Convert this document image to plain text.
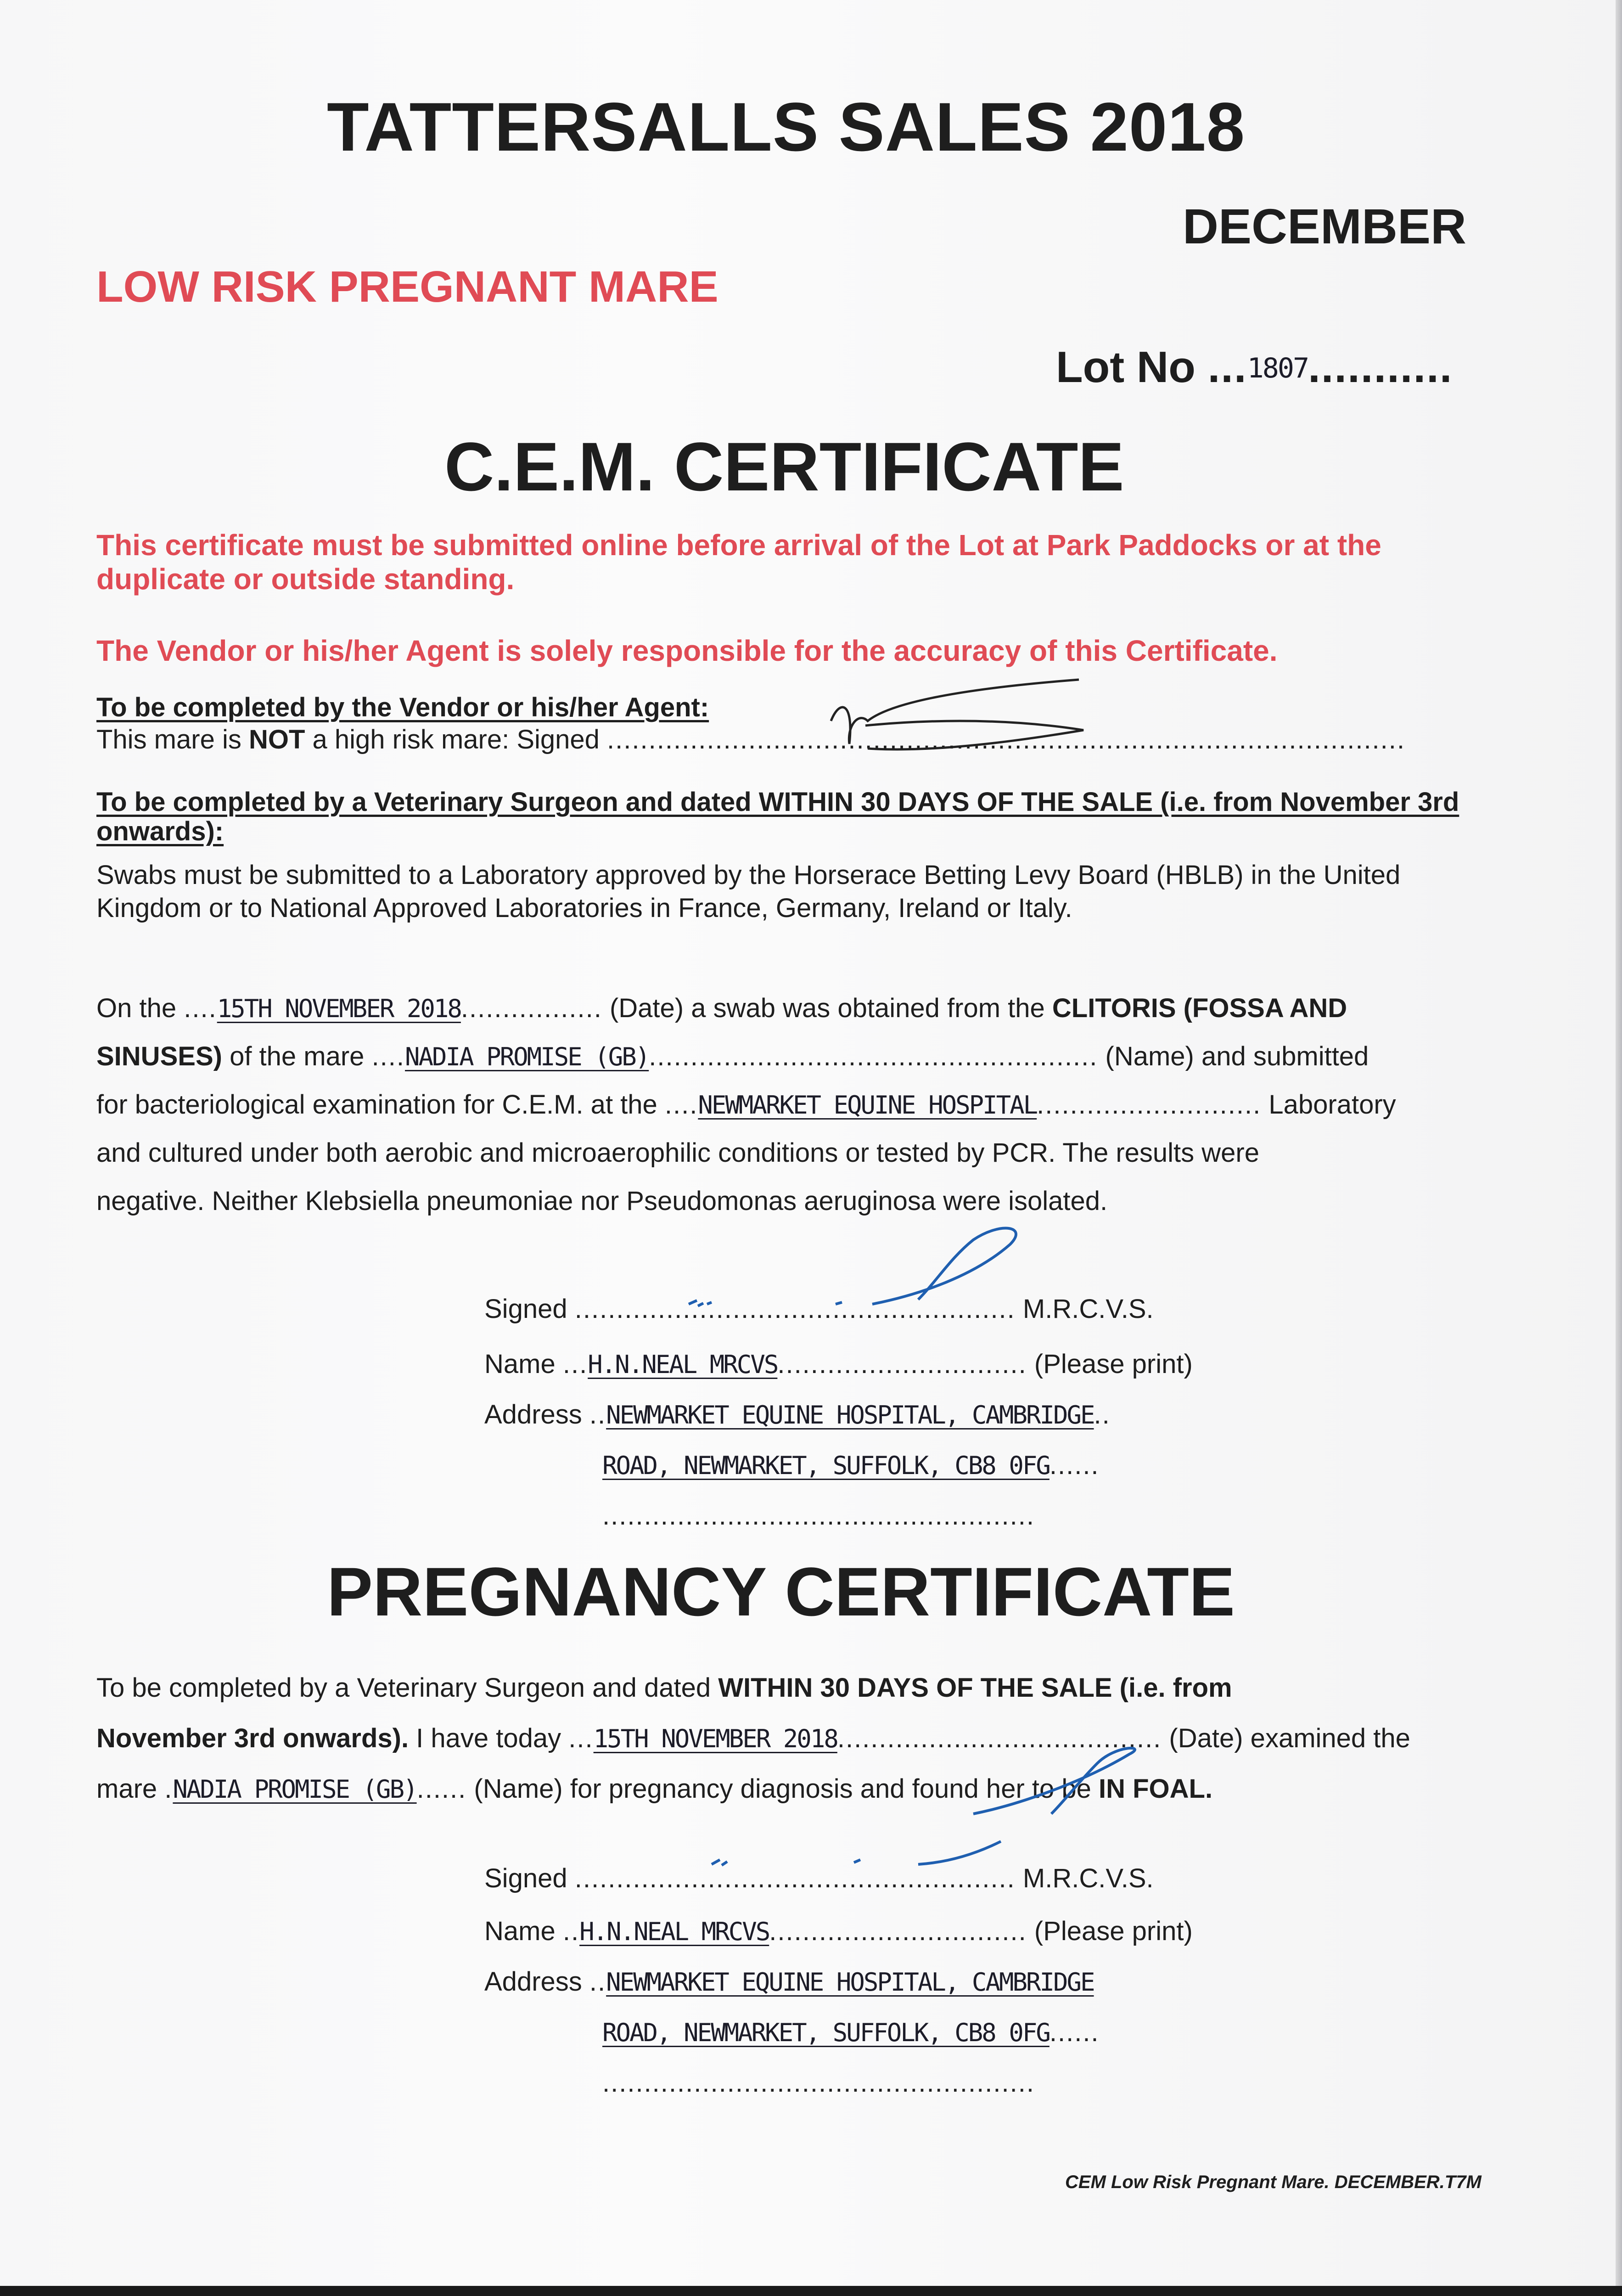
TATTERSALLS SALES 2018
DECEMBER
LOW RISK PREGNANT MARE
Lot No ...1807...........
C.E.M. CERTIFICATE
This certificate must be submitted online before arrival of the Lot at Park Paddocks or at the duplicate or outside standing.
The Vendor or his/her Agent is solely responsible for the accuracy of this Certificate.
To be completed by the Vendor or his/her Agent:
This mare is NOT a high risk mare: Signed ................................................................................................
To be completed by a Veterinary Surgeon and dated WITHIN 30 DAYS OF THE SALE (i.e. from November 3rd onwards):
Swabs must be submitted to a Laboratory approved by the Horserace Betting Levy Board (HBLB) in the United Kingdom or to National Approved Laboratories in France, Germany, Ireland or Italy.
On the ....15TH NOVEMBER 2018................. (Date) a swab was obtained from the CLITORIS (FOSSA AND
SINUSES) of the mare ....NADIA PROMISE (GB)...................................................... (Name) and submitted
for bacteriological examination for C.E.M. at the ....NEWMARKET EQUINE HOSPITAL........................... Laboratory
and cultured under both aerobic and microaerophilic conditions or tested by PCR. The results were
negative. Neither Klebsiella pneumoniae nor Pseudomonas aeruginosa were isolated.
Signed ..................................................... M.R.C.V.S.
Name ...H.N.NEAL MRCVS.............................. (Please print)
Address ..NEWMARKET EQUINE HOSPITAL, CAMBRIDGE..
ROAD, NEWMARKET, SUFFOLK, CB8 0FG......
....................................................
PREGNANCY CERTIFICATE
To be completed by a Veterinary Surgeon and dated WITHIN 30 DAYS OF THE SALE (i.e. from
November 3rd onwards). I have today ...15TH NOVEMBER 2018....................................... (Date) examined the
mare .NADIA PROMISE (GB)...... (Name) for pregnancy diagnosis and found her to be IN FOAL.
Signed ..................................................... M.R.C.V.S.
Name ..H.N.NEAL MRCVS............................... (Please print)
Address ..NEWMARKET EQUINE HOSPITAL, CAMBRIDGE
ROAD, NEWMARKET, SUFFOLK, CB8 0FG......
....................................................
CEM Low Risk Pregnant Mare. DECEMBER.T7M
